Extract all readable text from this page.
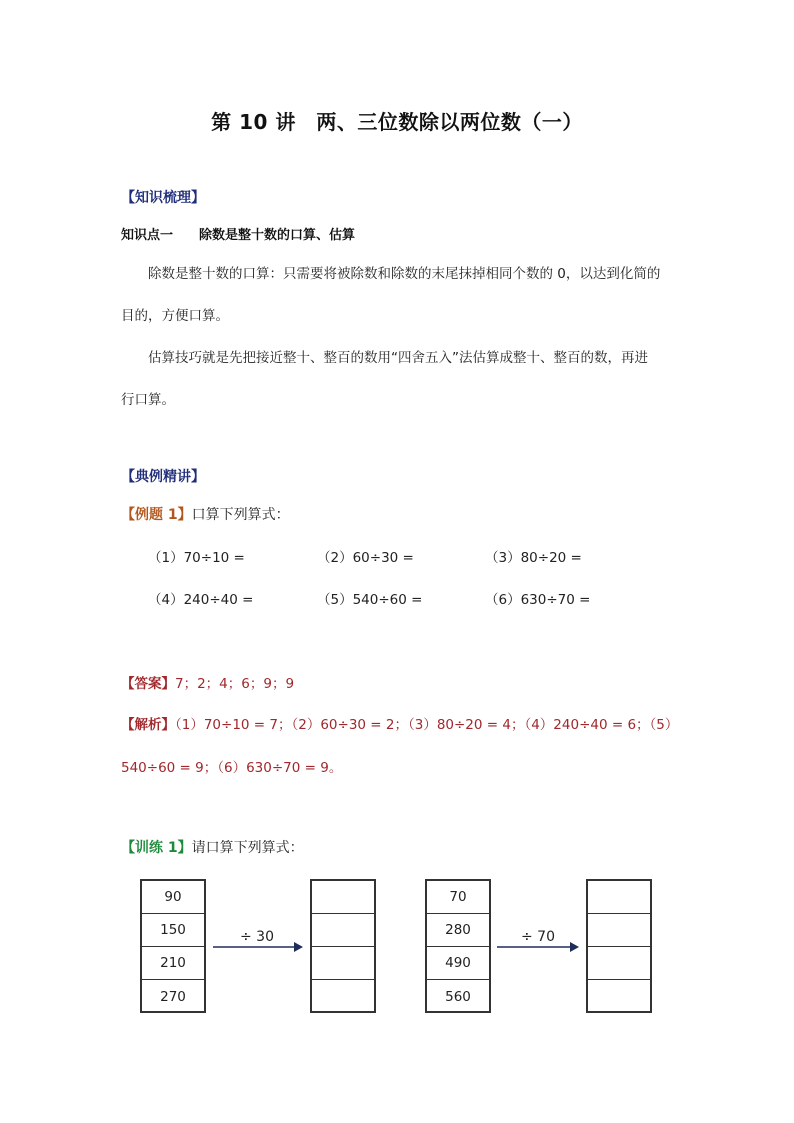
第 10 讲　两、三位数除以两位数（一）
【知识梳理】
知识点一　　除数是整十数的口算、估算
除数是整十数的口算：只需要将被除数和除数的末尾抹掉相同个数的 0，以达到化简的
目的，方便口算。
估算技巧就是先把接近整十、整百的数用“四舍五入”法估算成整十、整百的数，再进
行口算。
【典例精讲】
【例题 1】口算下列算式：
（1）70÷10 =	（2）60÷30 =	（3）80÷20 =
（4）240÷40 =	（5）540÷60 =	（6）630÷70 =
【答案】7；2；4；6；9；9
【解析】（1）70÷10 = 7；（2）60÷30 = 2；（3）80÷20 = 4；（4）240÷40 = 6；（5）
540÷60 = 9；（6）630÷70 = 9。
【训练 1】请口算下列算式：
90
150
210
270
÷ 30
70
280
490
560
÷ 70
